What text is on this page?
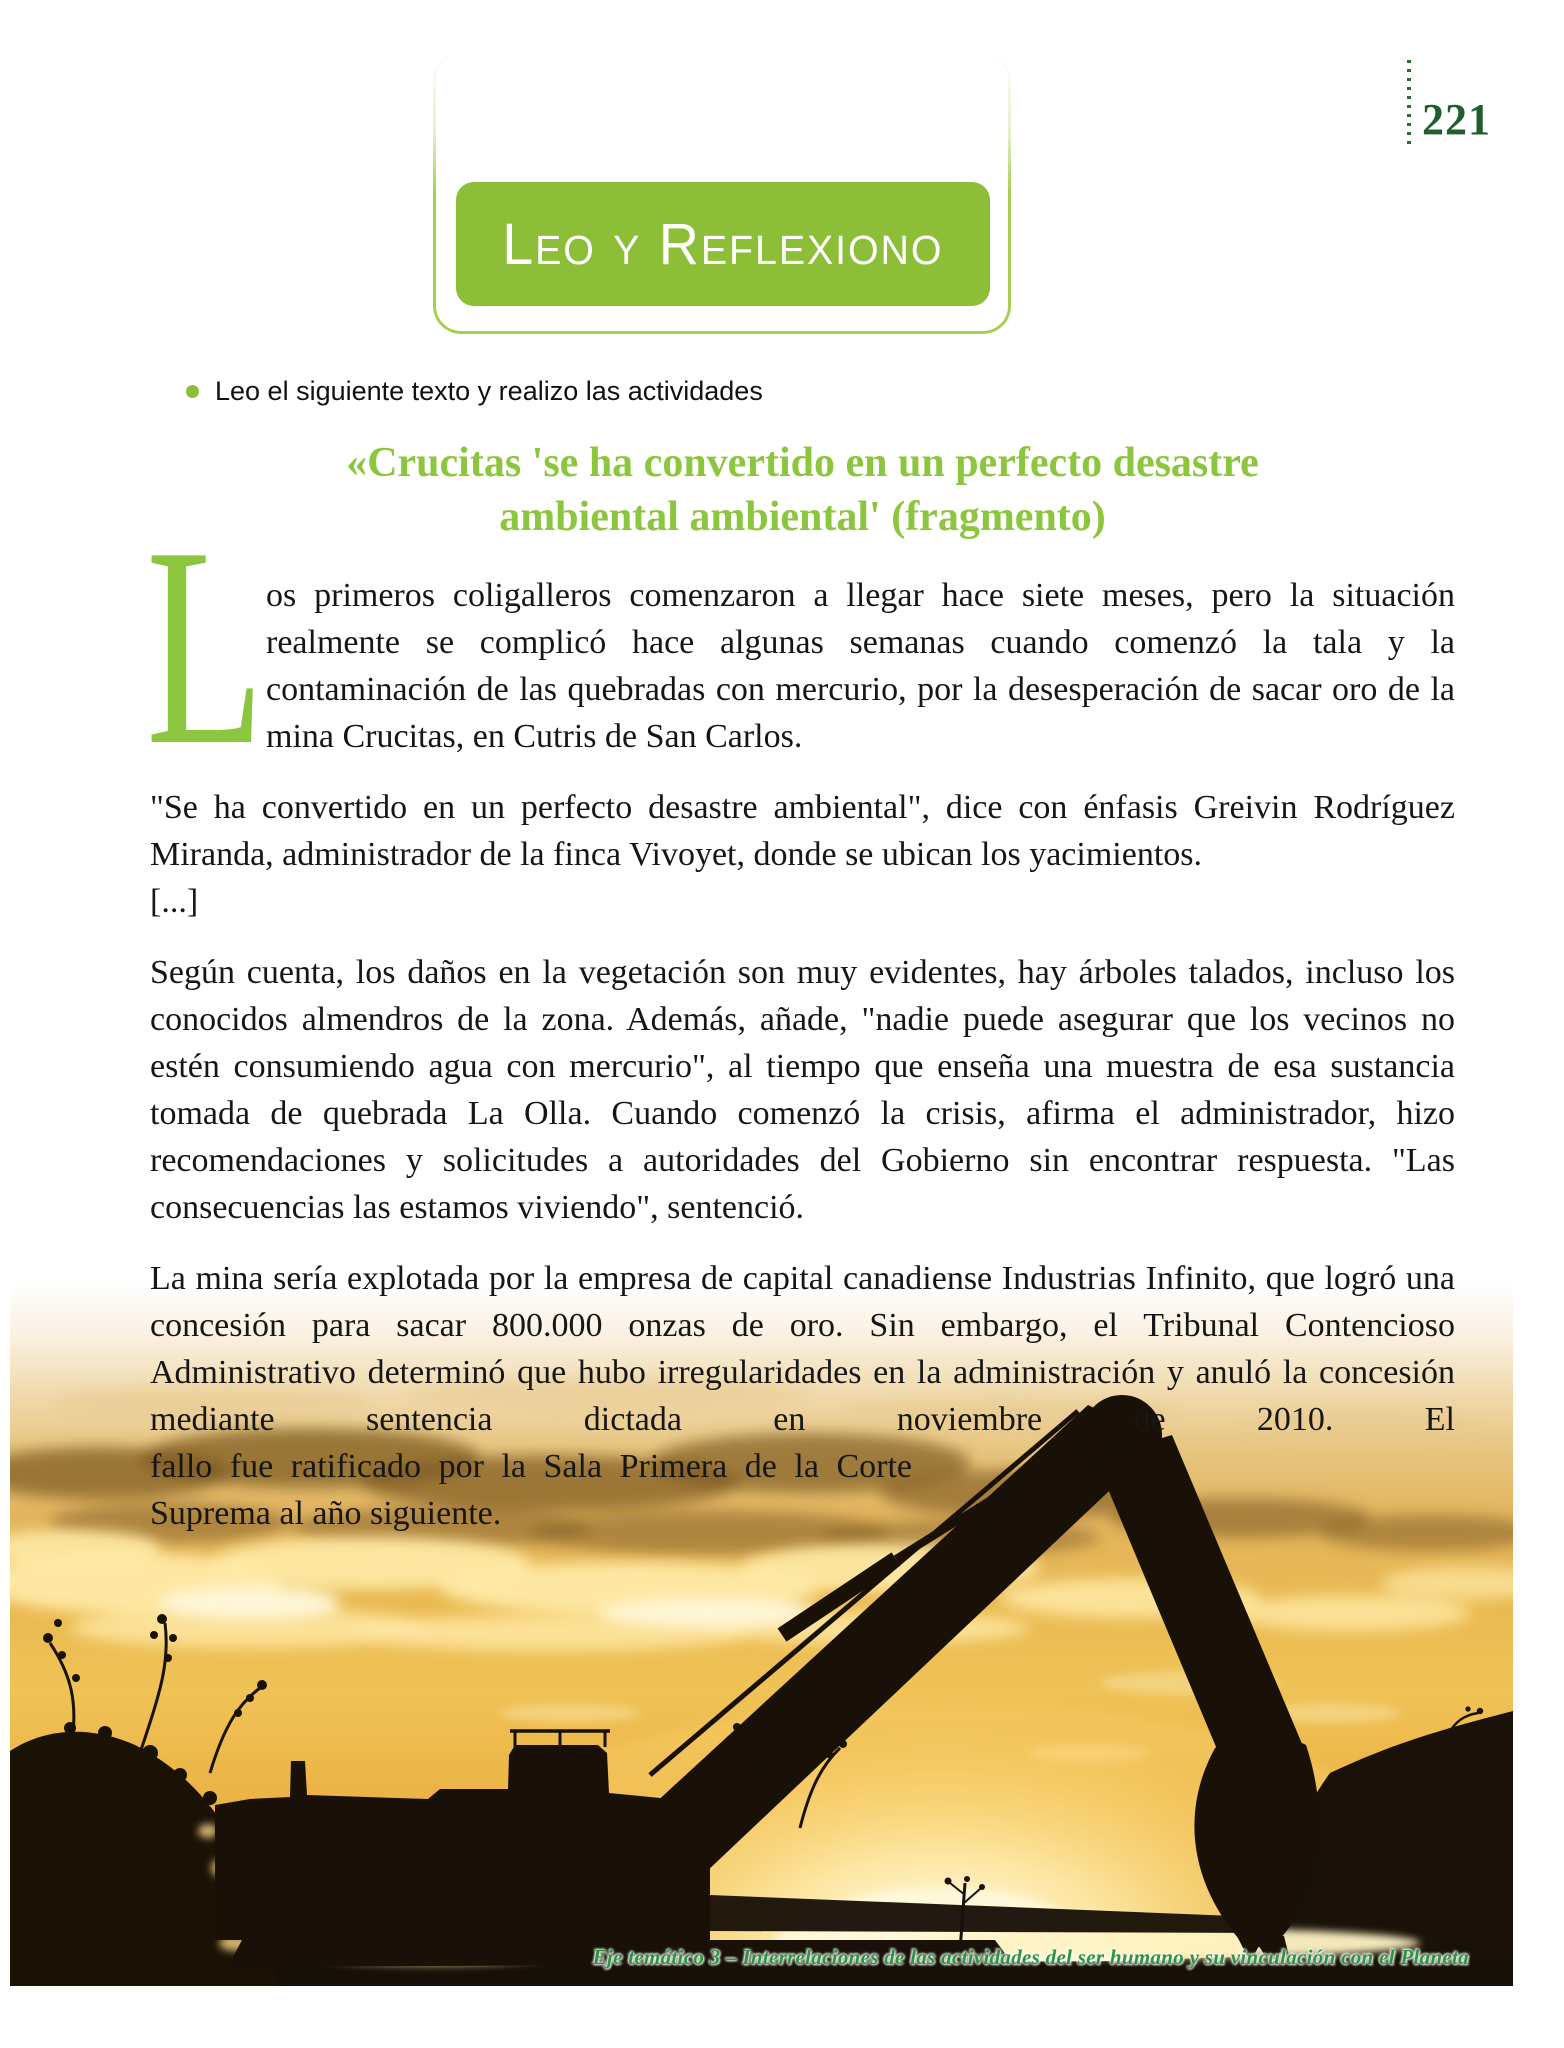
221
Leo y Reflexiono
Leo el siguiente texto y realizo las actividades
«Crucitas 'se ha convertido en un perfecto desastre
ambiental ambiental' (fragmento)

L os primeros coligalleros comenzaron a llegar hace siete meses, pero la situación realmente se complicó hace algunas semanas cuando comenzó la tala y la contaminación de las quebradas con mercurio, por la desesperación de sacar oro de la mina Crucitas, en Cutris de San Carlos.

"Se ha convertido en un perfecto desastre ambiental", dice con énfasis Greivin Rodríguez Miranda, administrador de la finca Vivoyet, donde se ubican los yacimientos.

[...]

Según cuenta, los daños en la vegetación son muy evidentes, hay árboles talados, incluso los conocidos almendros de la zona. Además, añade, "nadie puede asegurar que los vecinos no estén consumiendo agua con mercurio", al tiempo que enseña una muestra de esa sustancia tomada de quebrada La Olla. Cuando comenzó la crisis, afirma el administrador, hizo recomendaciones y solicitudes a autoridades del Gobierno sin encontrar respuesta. "Las consecuencias las estamos viviendo", sentenció.

La mina sería explotada por la empresa de capital canadiense Industrias Infinito, que logró una concesión para sacar 800.000 onzas de oro. Sin embargo, el Tribunal Contencioso Administrativo determinó que hubo irregularidades en la administración y anuló la concesión mediante sentencia dictada en noviembre de 2010. El

fallo fue ratificado por la Sala Primera de la Corte Suprema al año siguiente.

Eje temático 3 – Interrelaciones de las actividades del ser humano y su vinculación con el Planeta
